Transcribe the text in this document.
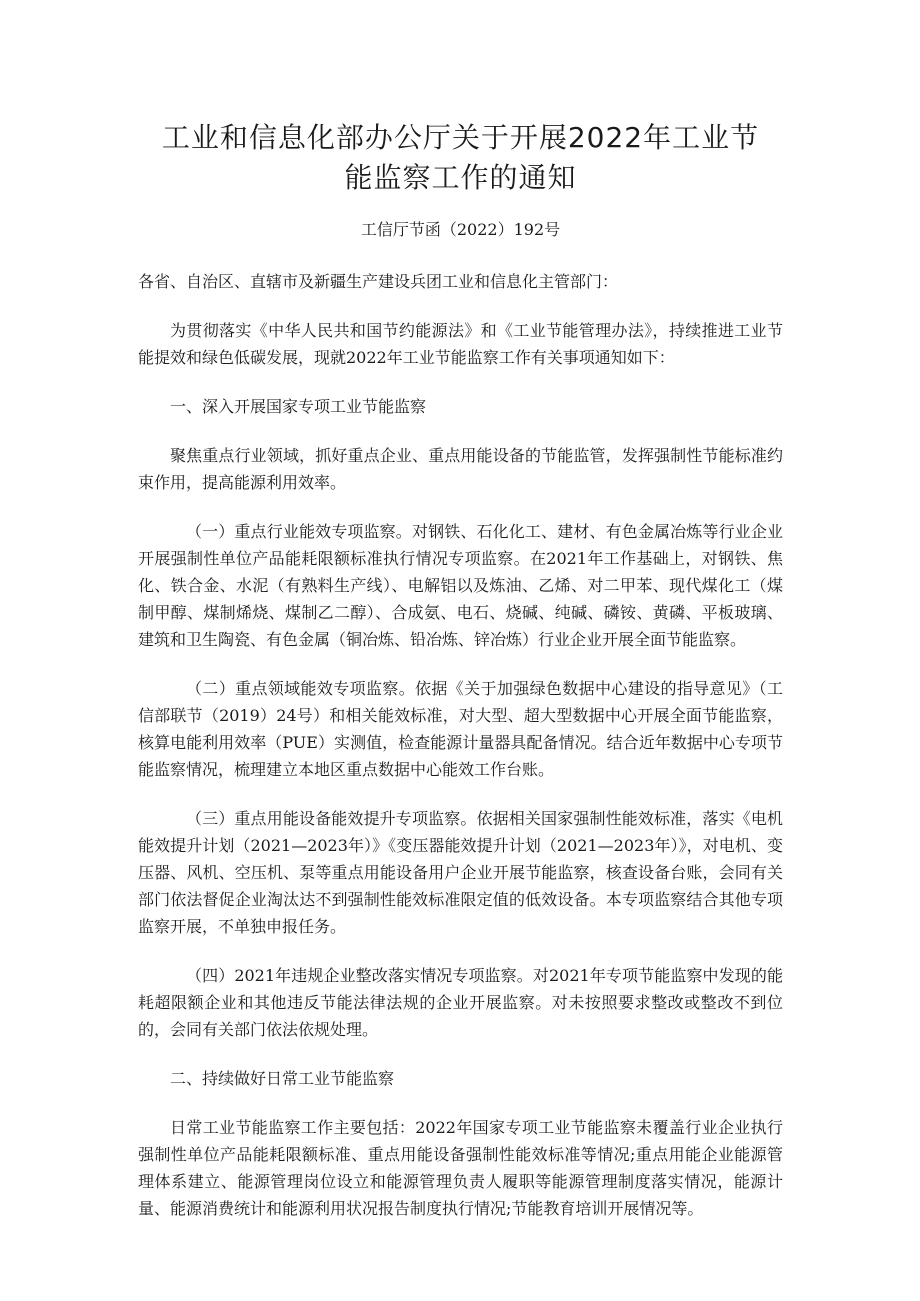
工业和信息化部办公厅关于开展2022年工业节能监察工作的通知
工信厅节函（2022）192号
各省、自治区、直辖市及新疆生产建设兵团工业和信息化主管部门：

为贯彻落实《中华人民共和国节约能源法》和《工业节能管理办法》，持续推进工业节能提效和绿色低碳发展，现就2022年工业节能监察工作有关事项通知如下：

一、深入开展国家专项工业节能监察

聚焦重点行业领域，抓好重点企业、重点用能设备的节能监管，发挥强制性节能标准约束作用，提高能源利用效率。

（一）重点行业能效专项监察。对钢铁、石化化工、建材、有色金属冶炼等行业企业开展强制性单位产品能耗限额标准执行情况专项监察。在2021年工作基础上，对钢铁、焦化、铁合金、水泥（有熟料生产线）、电解铝以及炼油、乙烯、对二甲苯、现代煤化工（煤制甲醇、煤制烯烧、煤制乙二醇）、合成氨、电石、烧碱、纯碱、磷铵、黄磷、平板玻璃、建筑和卫生陶瓷、有色金属（铜冶炼、铅冶炼、锌冶炼）行业企业开展全面节能监察。

（二）重点领域能效专项监察。依据《关于加强绿色数据中心建设的指导意见》（工信部联节（2019）24号）和相关能效标准，对大型、超大型数据中心开展全面节能监察，核算电能利用效率（PUE）实测值，检查能源计量器具配备情况。结合近年数据中心专项节能监察情况，梳理建立本地区重点数据中心能效工作台账。

（三）重点用能设备能效提升专项监察。依据相关国家强制性能效标准，落实《电机能效提升计划（2021—2023年）》《变压器能效提升计划（2021—2023年）》，对电机、变压器、风机、空压机、泵等重点用能设备用户企业开展节能监察，核查设备台账，会同有关部门依法督促企业淘汰达不到强制性能效标准限定值的低效设备。本专项监察结合其他专项监察开展，不单独申报任务。

（四）2021年违规企业整改落实情况专项监察。对2021年专项节能监察中发现的能耗超限额企业和其他违反节能法律法规的企业开展监察。对未按照要求整改或整改不到位的，会同有关部门依法依规处理。

二、持续做好日常工业节能监察

日常工业节能监察工作主要包括：2022年国家专项工业节能监察未覆盖行业企业执行强制性单位产品能耗限额标准、重点用能设备强制性能效标准等情况;重点用能企业能源管理体系建立、能源管理岗位设立和能源管理负责人履职等能源管理制度落实情况，能源计量、能源消费统计和能源利用状况报告制度执行情况;节能教育培训开展情况等。
